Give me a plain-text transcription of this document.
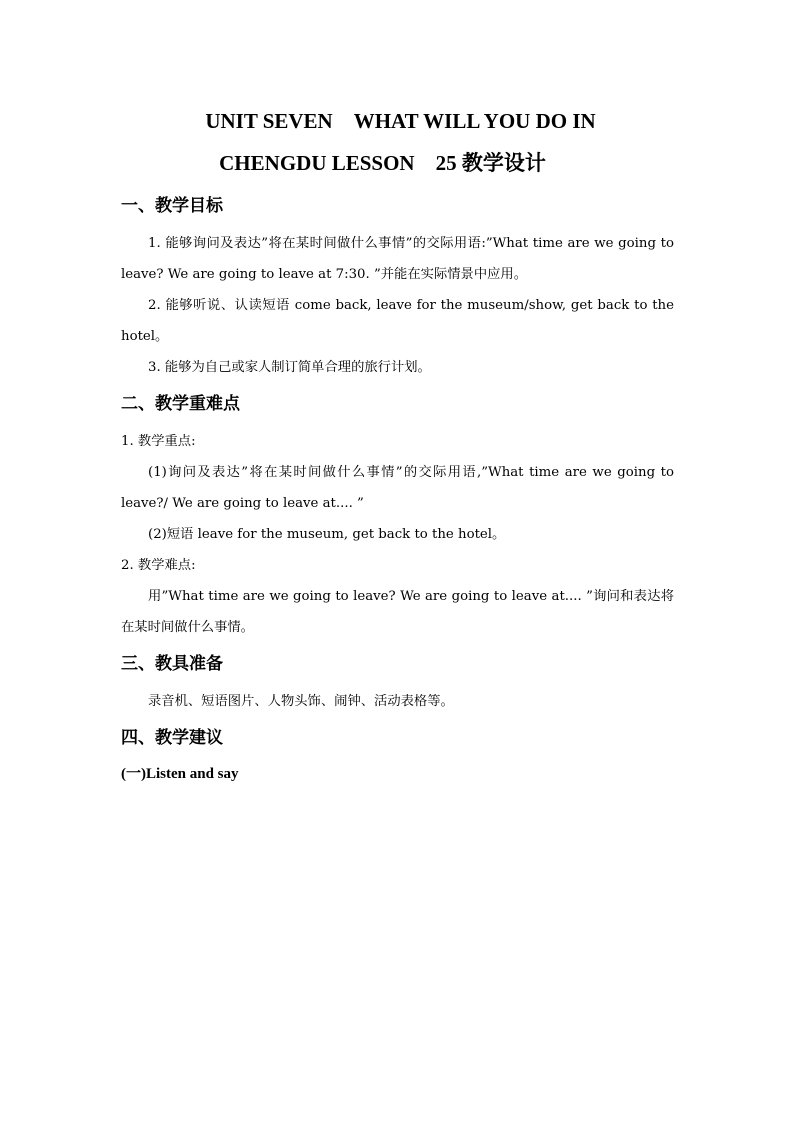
UNIT SEVEN　WHAT WILL YOU DO IN
CHENGDU LESSON　25 教学设计
一、教学目标

1. 能够询问及表达”将在某时间做什么事情”的交际用语:”What time are we going to leave? We are going to leave at 7:30. ”并能在实际情景中应用。

2. 能够听说、认读短语 come back, leave for the museum/show, get back to the hotel。

3. 能够为自己或家人制订简单合理的旅行计划。

二、教学重难点

1. 教学重点:

(1)询问及表达”将在某时间做什么事情”的交际用语,”What time are we going to leave?/ We are going to leave at.... ”

(2)短语 leave for the museum, get back to the hotel。

2. 教学难点:

用”What time are we going to leave? We are going to leave at.... ”询问和表达将在某时间做什么事情。

三、教具准备

录音机、短语图片、人物头饰、闹钟、活动表格等。

四、教学建议

(一)Listen and say
